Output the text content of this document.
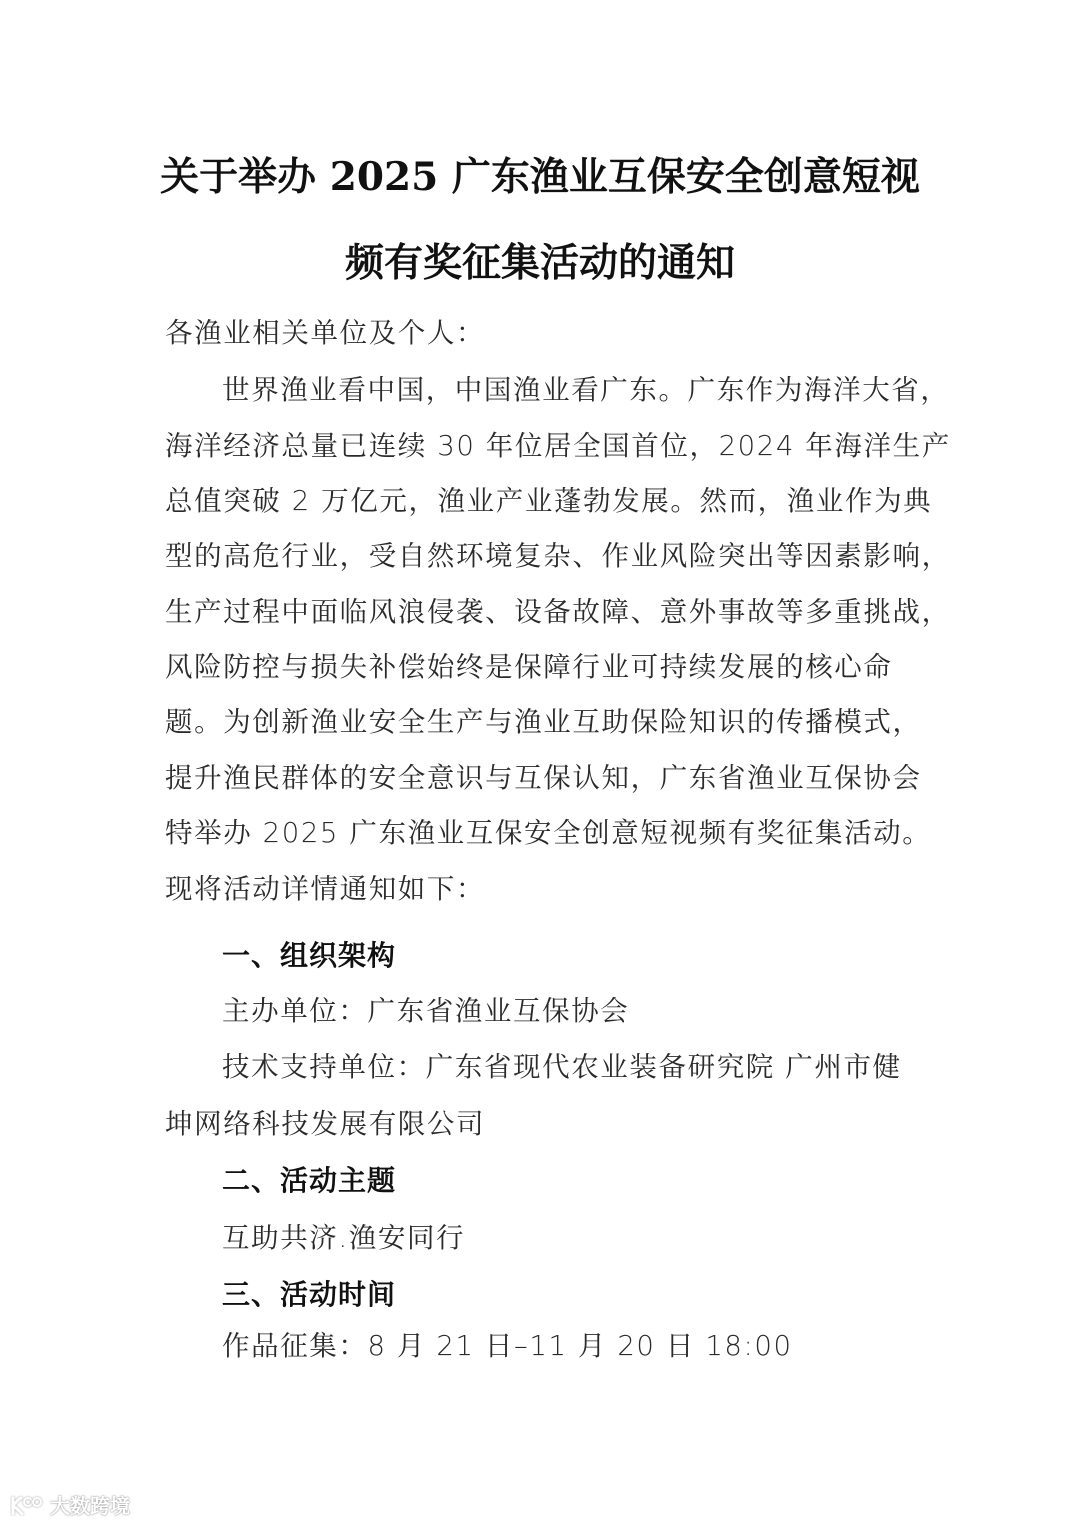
关于举办 2025 广东渔业互保安全创意短视
频有奖征集活动的通知
各渔业相关单位及个人：
世界渔业看中国，中国渔业看广东。广东作为海洋大省，
海洋经济总量已连续 30 年位居全国首位，2024 年海洋生产
总值突破 2 万亿元，渔业产业蓬勃发展。然而，渔业作为典
型的高危行业，受自然环境复杂、作业风险突出等因素影响，
生产过程中面临风浪侵袭、设备故障、意外事故等多重挑战，
风险防控与损失补偿始终是保障行业可持续发展的核心命
题。为创新渔业安全生产与渔业互助保险知识的传播模式，
提升渔民群体的安全意识与互保认知，广东省渔业互保协会
特举办 2025 广东渔业互保安全创意短视频有奖征集活动。
现将活动详情通知如下：
一、组织架构
主办单位：广东省渔业互保协会
技术支持单位：广东省现代农业装备研究院 广州市健
坤网络科技发展有限公司
二、活动主题
互助共济.渔安同行
三、活动时间
作品征集：8 月 21 日–11 月 20 日 18:00
大数跨境
